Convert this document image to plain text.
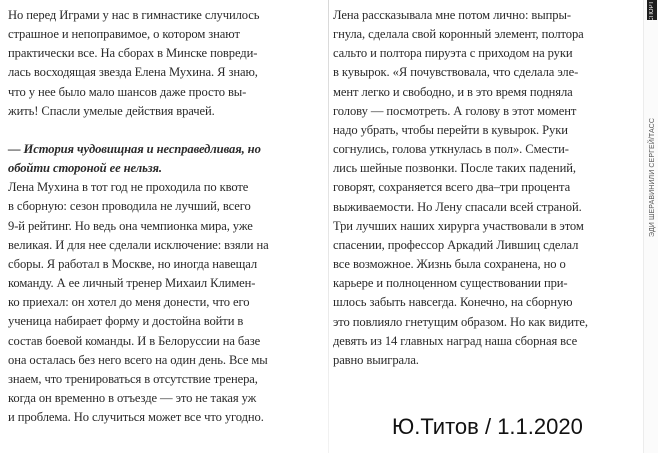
Но перед Играми у нас в гимнастике случилось
страшное и непоправимое, о котором знают
практически все. На сборах в Минске повреди-
лась восходящая звезда Елена Мухина. Я знаю,
что у нее было мало шансов даже просто вы-
жить! Спасли умелые действия врачей.

— История чудовищная и несправедливая, но
обойти стороной ее нельзя.

Лена Мухина в тот год не проходила по квоте
в сборную: сезон проводила не лучший, всего
9-й рейтинг. Но ведь она чемпионка мира, уже
великая. И для нее сделали исключение: взяли на
сборы. Я работал в Москве, но иногда навещал
команду. А ее личный тренер Михаил Климен-
ко приехал: он хотел до меня донести, что его
ученица набирает форму и достойна войти в
состав боевой команды. И в Белоруссии на базе
она осталась без него всего на один день. Все мы
знаем, что тренироваться в отсутствие тренера,
когда он временно в отъезде — это не такая уж
и проблема. Но случиться может все что угодно.

Лена рассказывала мне потом лично: выпры-
гнула, сделала свой коронный элемент, полтора
сальто и полтора пируэта с приходом на руки
в кувырок. «Я почувствовала, что сделала эле-
мент легко и свободно, и в это время подняла
голову — посмотреть. А голову в этот момент
надо убрать, чтобы перейти в кувырок. Руки
согнулись, голова уткнулась в пол». Смести-
лись шейные позвонки. После таких падений,
говорят, сохраняется всего два–три процента
выживаемости. Но Лену спасали всей страной.
Три лучших наших хирурга участвовали в этом
спасении, профессор Аркадий Лившиц сделал
все возможное. Жизнь была сохранена, но о
карьере и полноценном существовании при-
шлось забыть навсегда. Конечно, на сборную
это повлияло гнетущим образом. Но как видите,
девять из 14 главных наград наша сборная все
равно выиграла.

СПОРТ
ЭДИ ШЕРАВИНИЛИ СЕРГЕЙ/ТАСС
Ю.Титов / 1.1.2020
